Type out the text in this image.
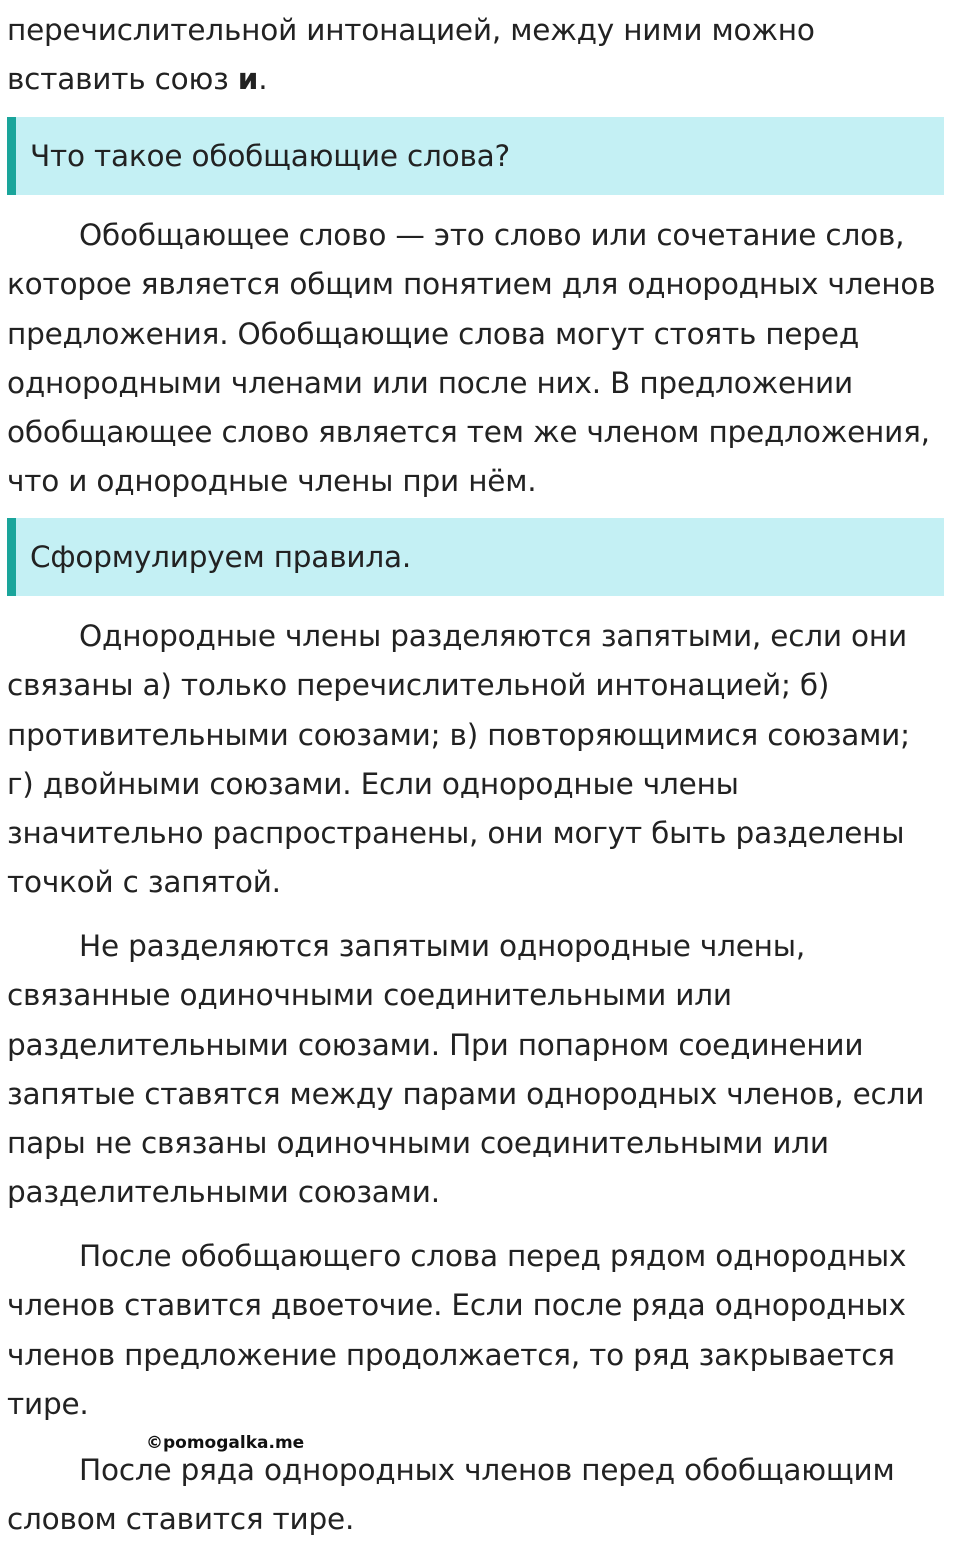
перечислительной интонацией, между ними можно
вставить союз и.

Что такое обобщающие слова?

Обобщающее слово — это слово или сочетание слов,
которое является общим понятием для однородных членов
предложения. Обобщающие слова могут стоять перед
однородными членами или после них. В предложении
обобщающее слово является тем же членом предложения,
что и однородные члены при нём.

Сформулируем правила.

Однородные члены разделяются запятыми, если они
связаны а) только перечислительной интонацией; б)
противительными союзами; в) повторяющимися союзами;
г) двойными союзами. Если однородные члены
значительно распространены, они могут быть разделены
точкой с запятой.

Не разделяются запятыми однородные члены,
связанные одиночными соединительными или
разделительными союзами. При попарном соединении
запятые ставятся между парами однородных членов, если
пары не связаны одиночными соединительными или
разделительными союзами.

После обобщающего слова перед рядом однородных
членов ставится двоеточие. Если после ряда однородных
членов предложение продолжается, то ряд закрывается
тире.

©pomogalka.me

После ряда однородных членов перед обобщающим
словом ставится тире.
